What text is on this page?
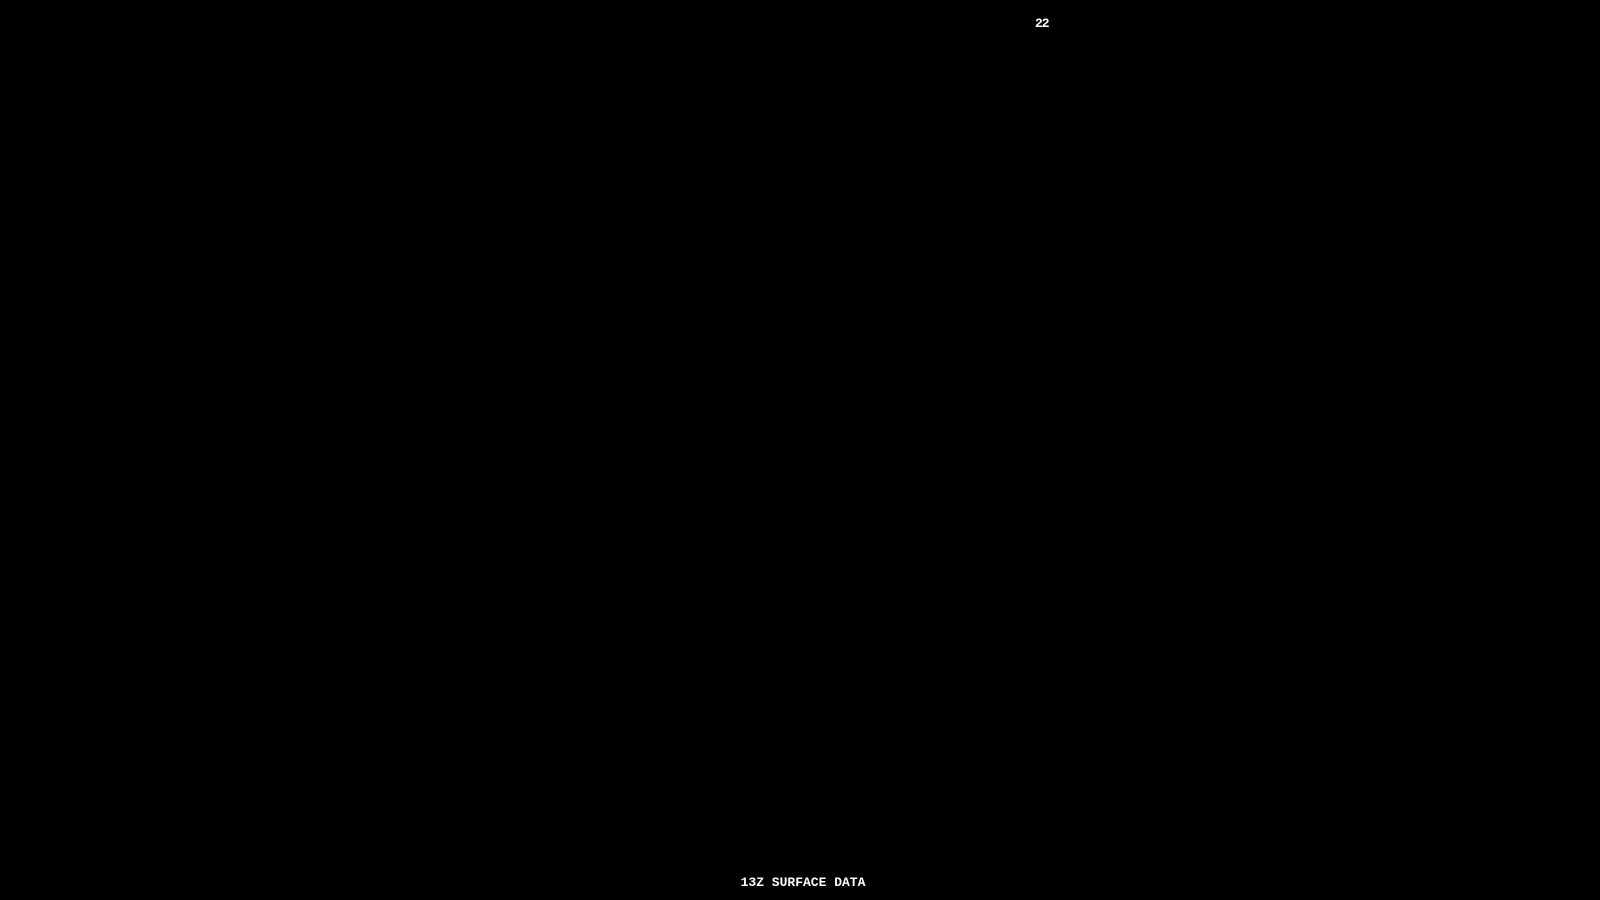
22
13Z SURFACE DATA
